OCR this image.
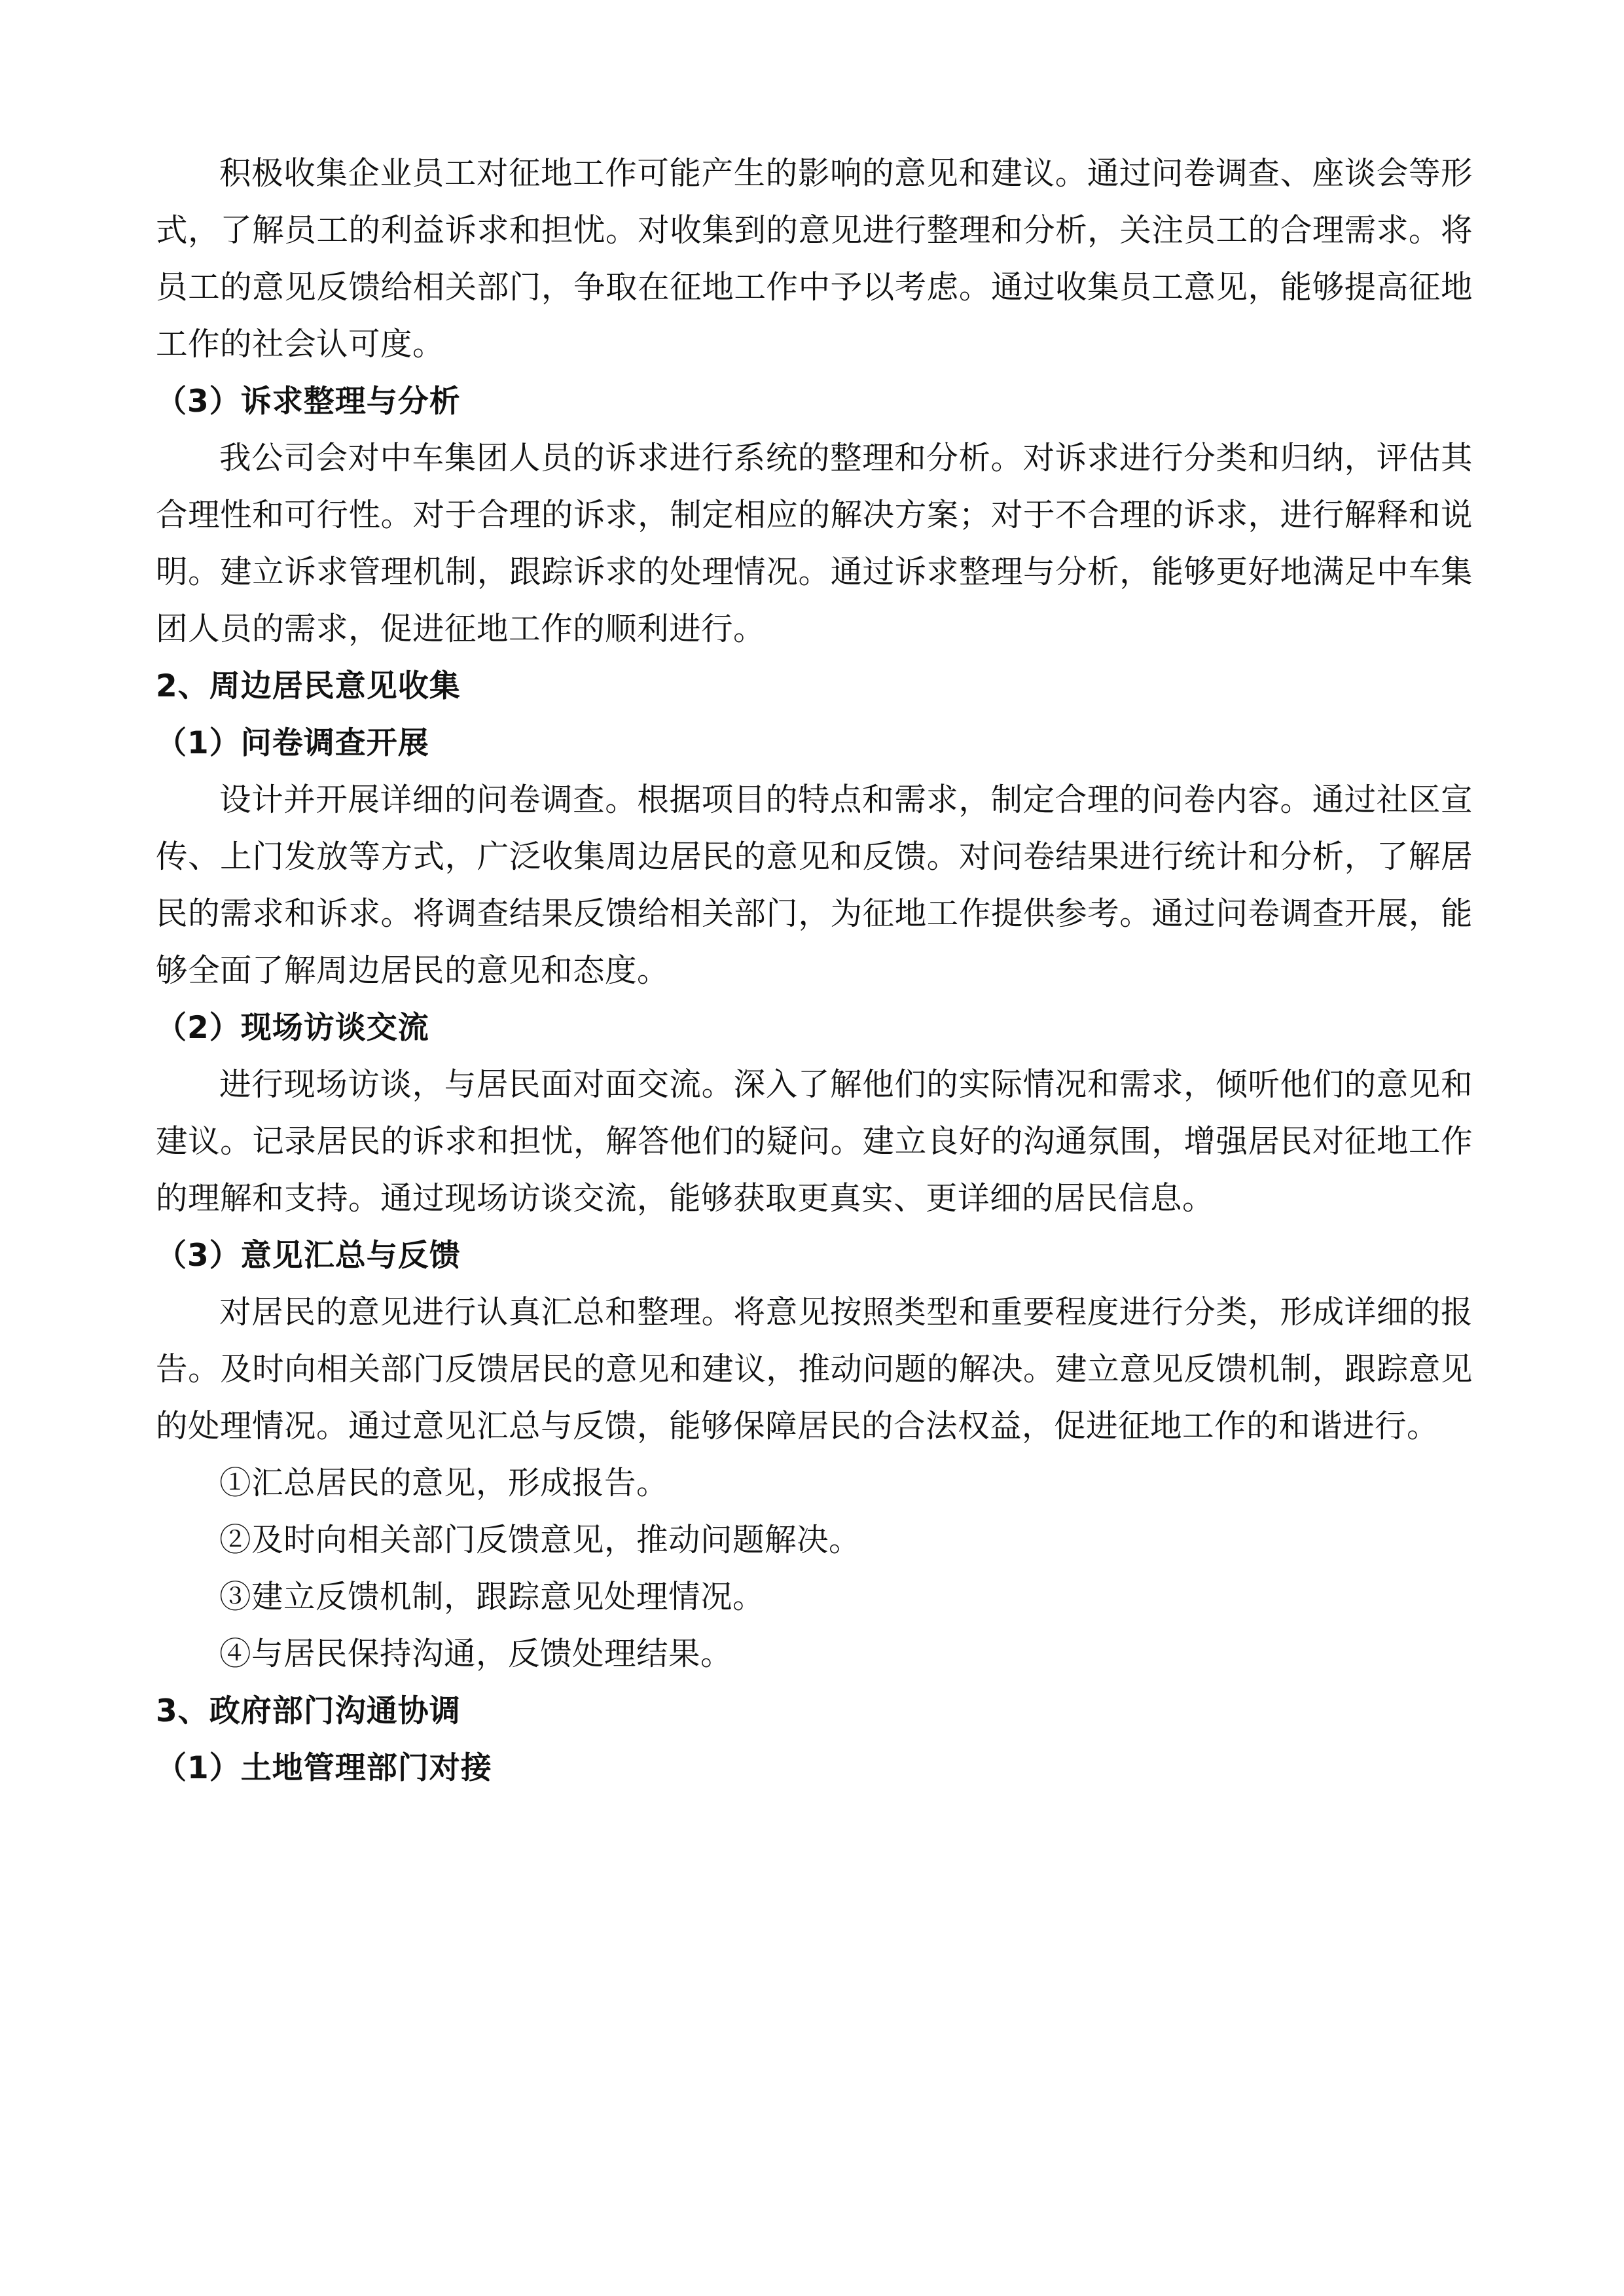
积极收集企业员工对征地工作可能产生的影响的意见和建议。通过问卷调查、座谈会等形式，了解员工的利益诉求和担忧。对收集到的意见进行整理和分析，关注员工的合理需求。将员工的意见反馈给相关部门，争取在征地工作中予以考虑。通过收集员工意见，能够提高征地工作的社会认可度。

（3）诉求整理与分析

我公司会对中车集团人员的诉求进行系统的整理和分析。对诉求进行分类和归纳，评估其合理性和可行性。对于合理的诉求，制定相应的解决方案；对于不合理的诉求，进行解释和说明。建立诉求管理机制，跟踪诉求的处理情况。通过诉求整理与分析，能够更好地满足中车集团人员的需求，促进征地工作的顺利进行。

2、周边居民意见收集
（1）问卷调查开展

设计并开展详细的问卷调查。根据项目的特点和需求，制定合理的问卷内容。通过社区宣传、上门发放等方式，广泛收集周边居民的意见和反馈。对问卷结果进行统计和分析，了解居民的需求和诉求。将调查结果反馈给相关部门，为征地工作提供参考。通过问卷调查开展，能够全面了解周边居民的意见和态度。

（2）现场访谈交流

进行现场访谈，与居民面对面交流。深入了解他们的实际情况和需求，倾听他们的意见和建议。记录居民的诉求和担忧，解答他们的疑问。建立良好的沟通氛围，增强居民对征地工作的理解和支持。通过现场访谈交流，能够获取更真实、更详细的居民信息。

（3）意见汇总与反馈

对居民的意见进行认真汇总和整理。将意见按照类型和重要程度进行分类，形成详细的报告。及时向相关部门反馈居民的意见和建议，推动问题的解决。建立意见反馈机制，跟踪意见的处理情况。通过意见汇总与反馈，能够保障居民的合法权益，促进征地工作的和谐进行。

①汇总居民的意见，形成报告。
②及时向相关部门反馈意见，推动问题解决。
③建立反馈机制，跟踪意见处理情况。
④与居民保持沟通，反馈处理结果。
3、政府部门沟通协调
（1）土地管理部门对接
